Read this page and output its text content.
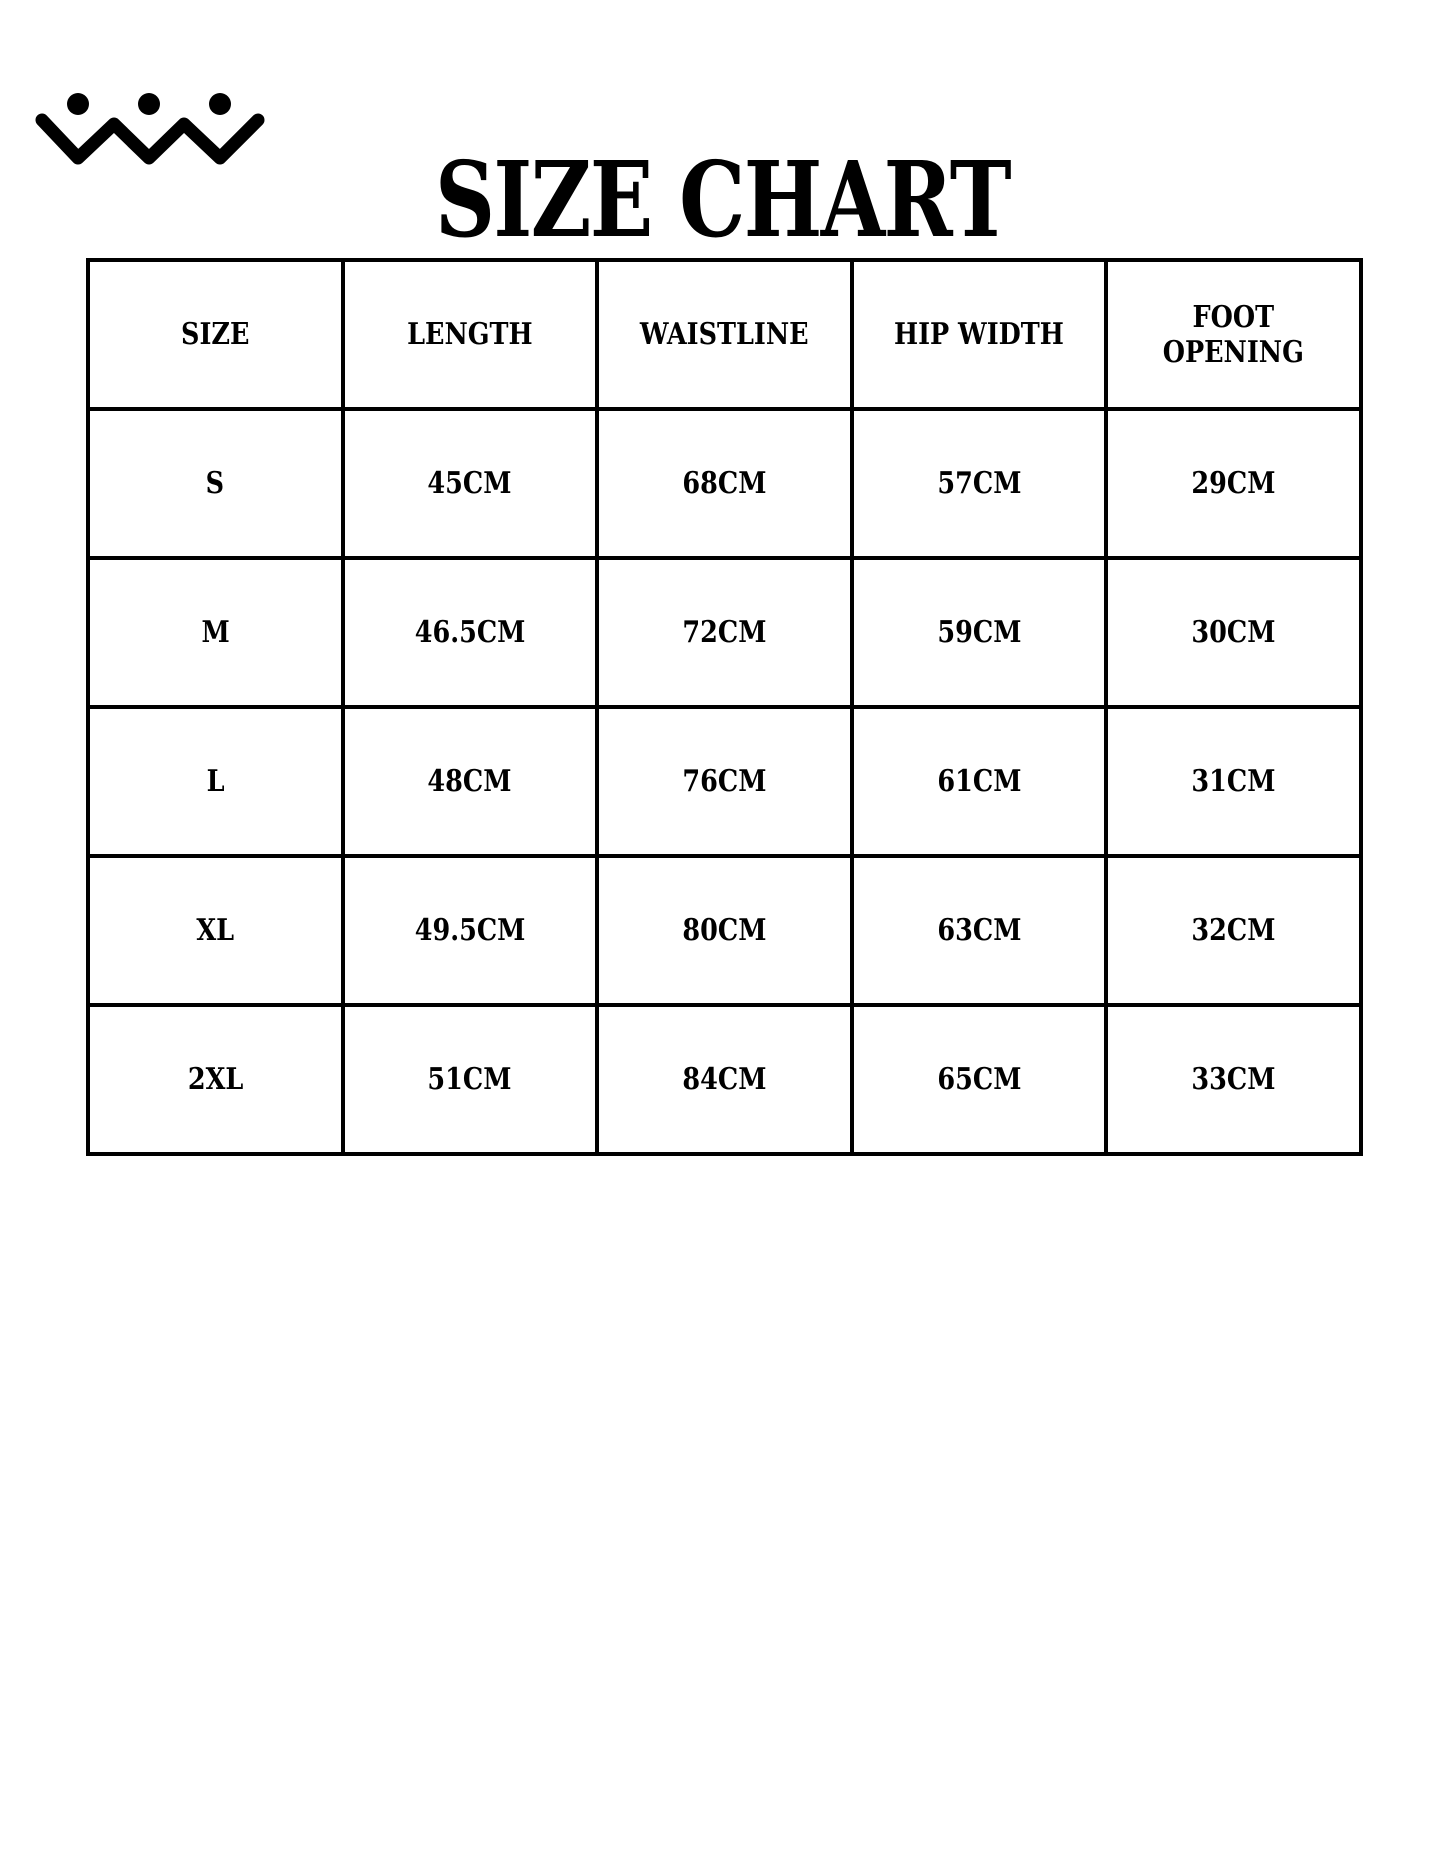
SIZE CHART
SIZE	LENGTH	WAISTLINE	HIP WIDTH	FOOT OPENING
S	45CM	68CM	57CM	29CM
M	46.5CM	72CM	59CM	30CM
L	48CM	76CM	61CM	31CM
XL	49.5CM	80CM	63CM	32CM
2XL	51CM	84CM	65CM	33CM
